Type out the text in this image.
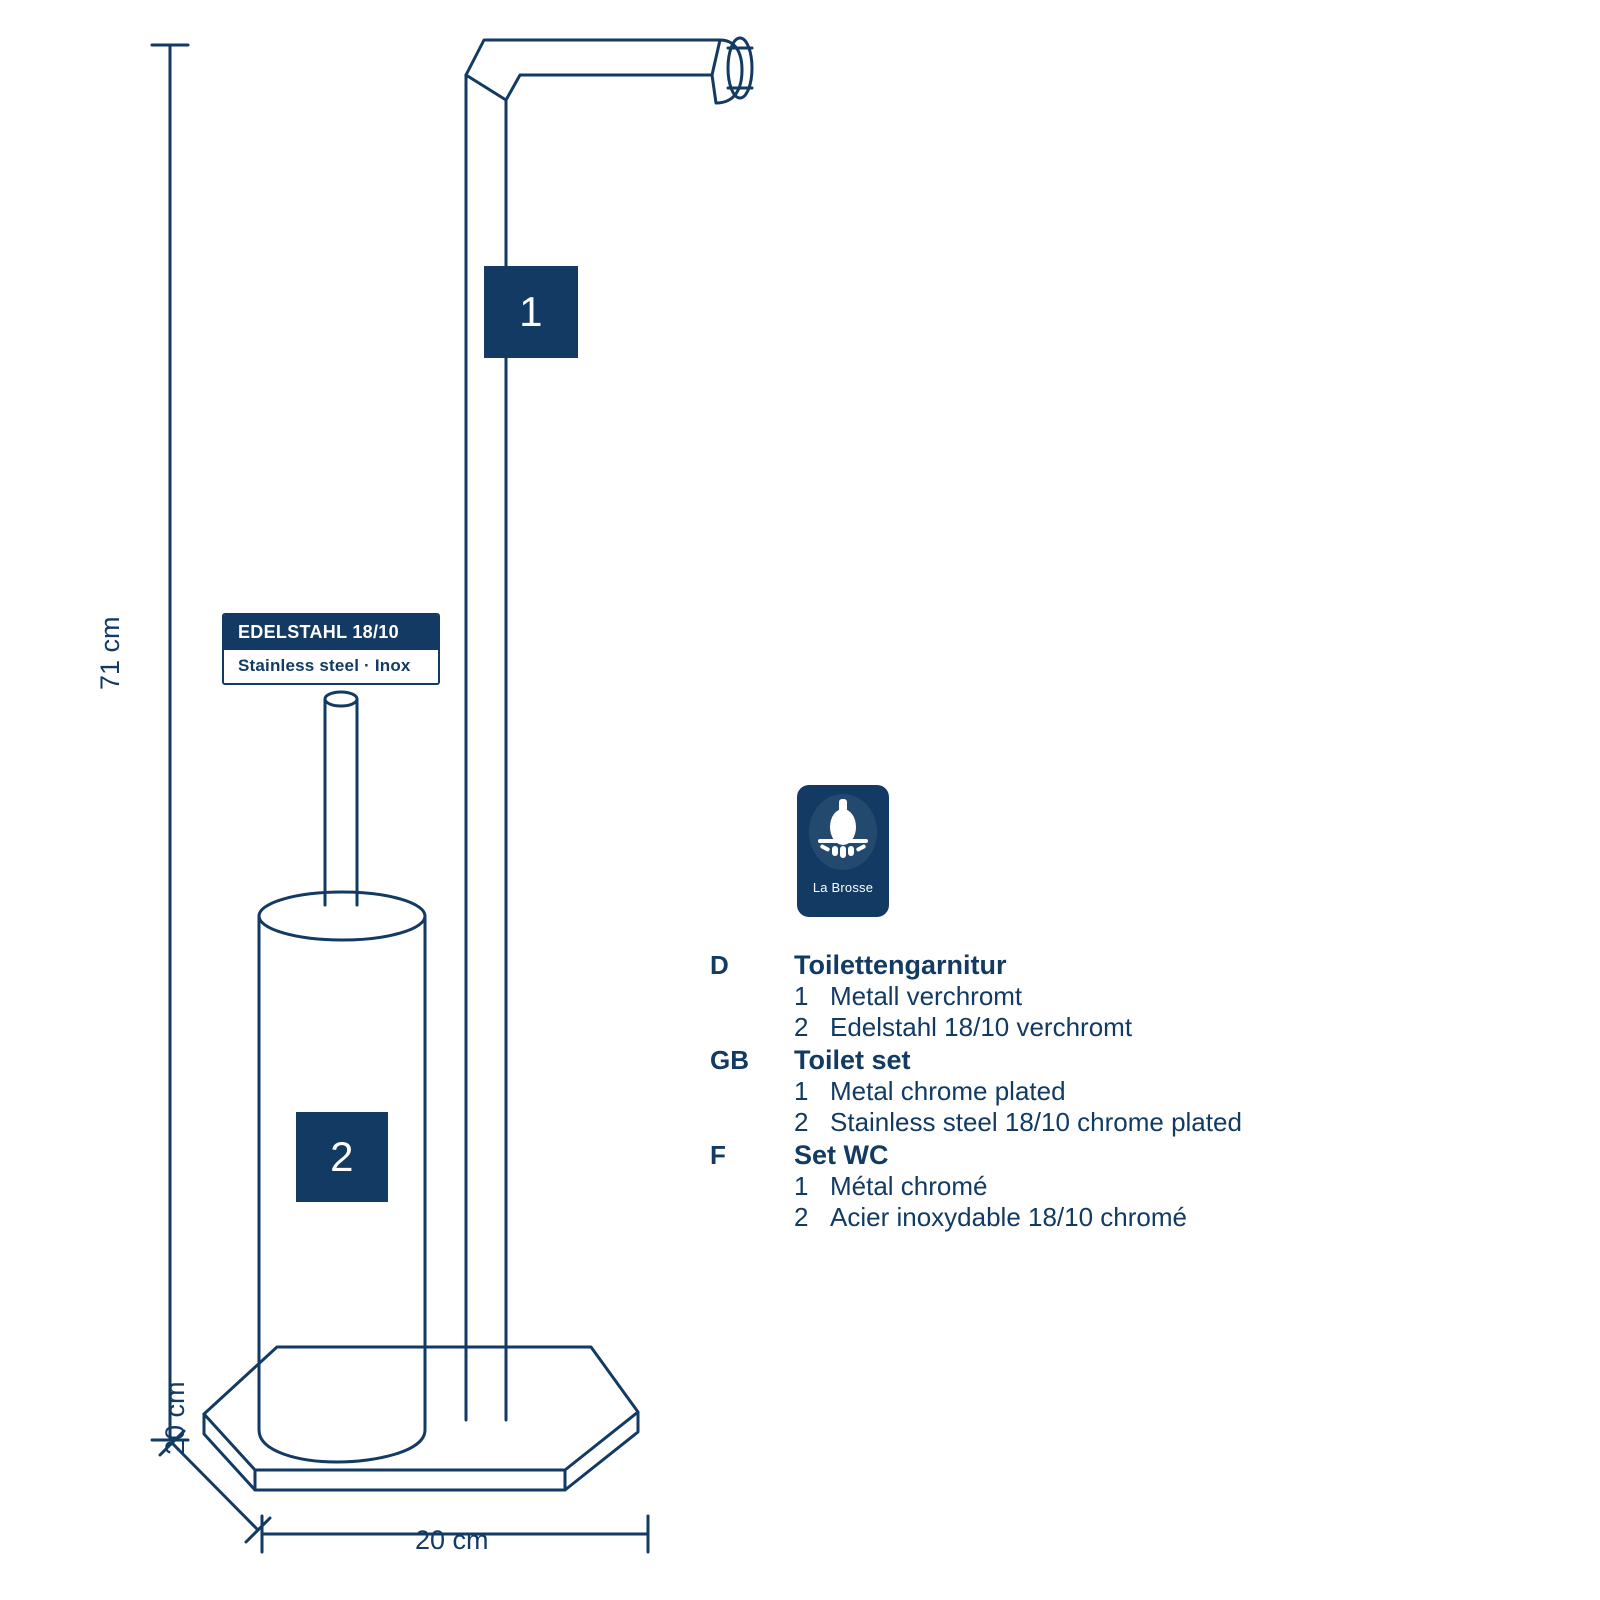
1
2
EDELSTAHL 18/10
Stainless steel · Inox
La Brosse
71 cm
20 cm
20 cm
D	Toilettengarnitur
1 Metall verchromt
2 Edelstahl 18/10 verchromt
GB	Toilet set
1 Metal chrome plated
2 Stainless steel 18/10 chrome plated
F	Set WC
1 Métal chromé
2 Acier inoxydable 18/10 chromé
